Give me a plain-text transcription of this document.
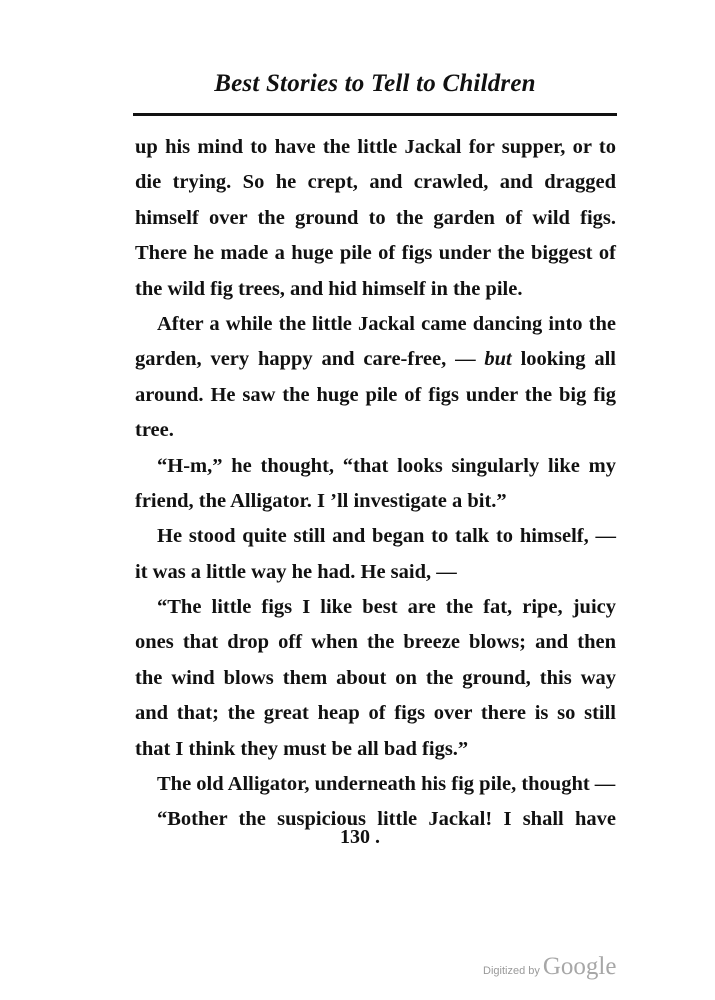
Best Stories to Tell to Children
up his mind to have the little Jackal for supper, or to
die trying. So he crept, and crawled, and dragged
himself over the ground to the garden of wild figs.
There he made a huge pile of figs under the biggest of
the wild fig trees, and hid himself in the pile.
After a while the little Jackal came dancing into the
garden, very happy and care-free, — but looking all
around. He saw the huge pile of figs under the big fig
tree.
“H-m,” he thought, “that looks singularly like my
friend, the Alligator. I ’ll investigate a bit.”
He stood quite still and began to talk to himself, —
it was a little way he had. He said, —
“The little figs I like best are the fat, ripe, juicy
ones that drop off when the breeze blows; and then
the wind blows them about on the ground, this way
and that; the great heap of figs over there is so still
that I think they must be all bad figs.”
The old Alligator, underneath his fig pile, thought —
“Bother the suspicious little Jackal! I shall have
130 .
Digitized by Google
